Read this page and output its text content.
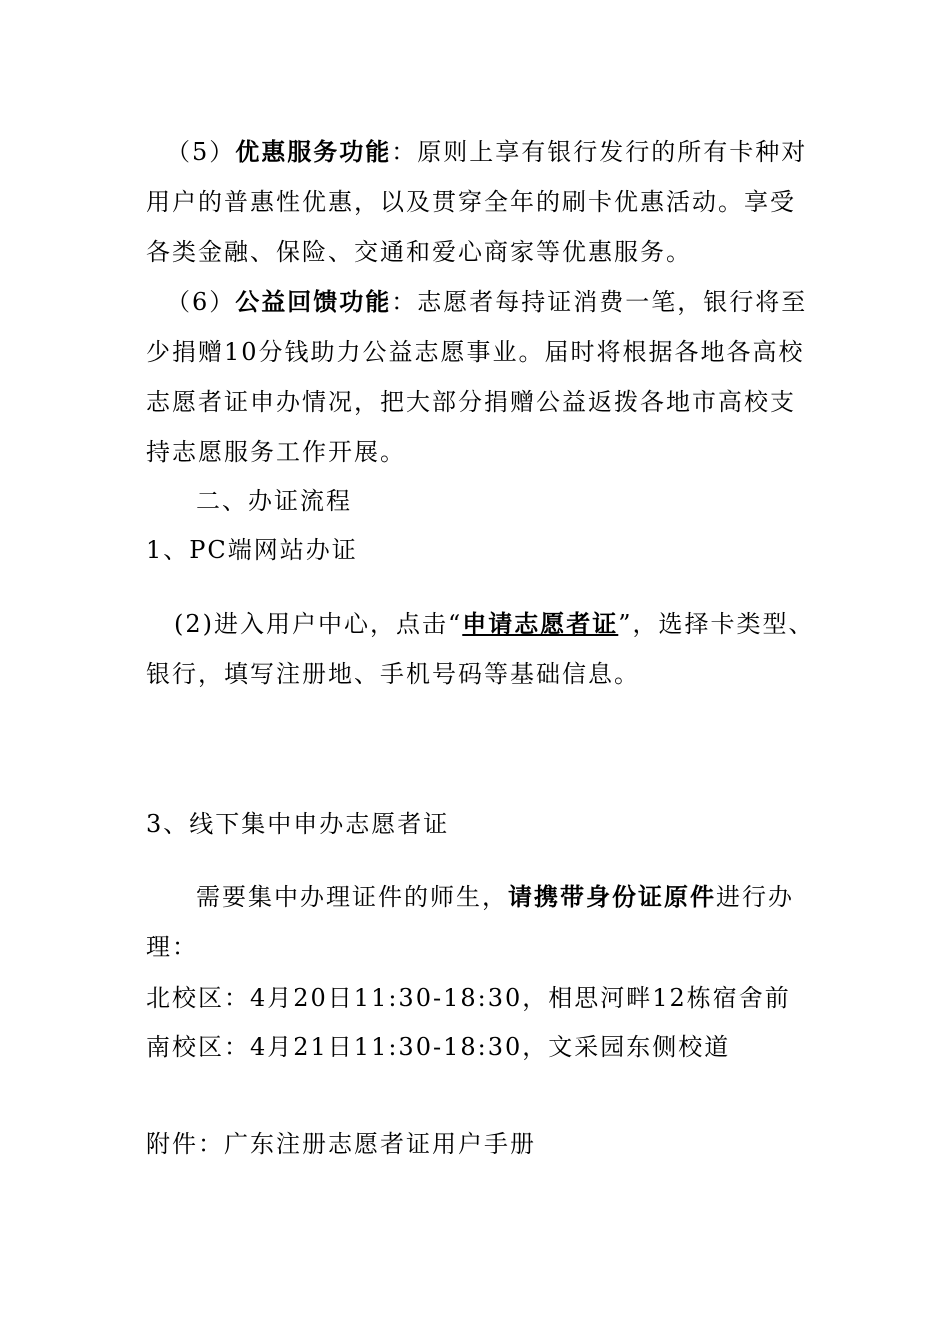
（5）优惠服务功能：原则上享有银行发行的所有卡种对
用户的普惠性优惠，以及贯穿全年的刷卡优惠活动。享受
各类金融、保险、交通和爱心商家等优惠服务。
（6）公益回馈功能：志愿者每持证消费一笔，银行将至
少捐赠10分钱助力公益志愿事业。届时将根据各地各高校
志愿者证申办情况，把大部分捐赠公益返拨各地市高校支
持志愿服务工作开展。
二、办证流程
1、PC端网站办证
(2)进入用户中心，点击“申请志愿者证”，选择卡类型、
银行，填写注册地、手机号码等基础信息。
3、线下集中申办志愿者证
需要集中办理证件的师生，请携带身份证原件进行办
理：
北校区：4月20日11:30-18:30，相思河畔12栋宿舍前
南校区：4月21日11:30-18:30，文采园东侧校道
附件：广东注册志愿者证用户手册
